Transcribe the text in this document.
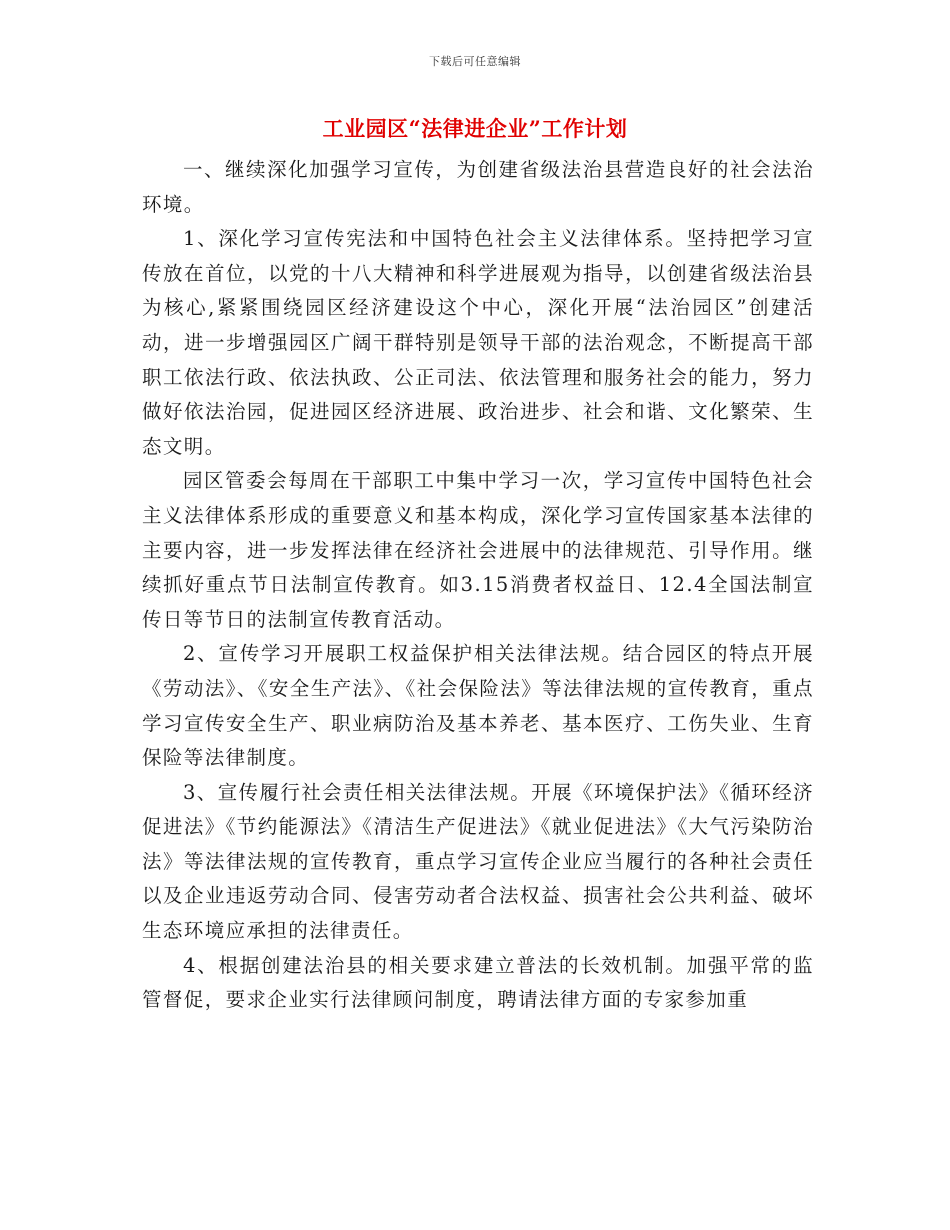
下载后可任意编辑
工业园区“法律进企业”工作计划

一、继续深化加强学习宣传，为创建省级法治县营造良好的社会法治环境。

1、深化学习宣传宪法和中国特色社会主义法律体系。坚持把学习宣传放在首位，以党的十八大精神和科学进展观为指导，以创建省级法治县为核心,紧紧围绕园区经济建设这个中心，深化开展“法治园区”创建活动，进一步增强园区广阔干群特别是领导干部的法治观念，不断提高干部职工依法行政、依法执政、公正司法、依法管理和服务社会的能力，努力做好依法治园，促进园区经济进展、政治进步、社会和谐、文化繁荣、生态文明。

园区管委会每周在干部职工中集中学习一次，学习宣传中国特色社会主义法律体系形成的重要意义和基本构成，深化学习宣传国家基本法律的主要内容，进一步发挥法律在经济社会进展中的法律规范、引导作用。继续抓好重点节日法制宣传教育。如3.15消费者权益日、12.4全国法制宣传日等节日的法制宣传教育活动。

2、宣传学习开展职工权益保护相关法律法规。结合园区的特点开展《劳动法》、《安全生产法》、《社会保险法》等法律法规的宣传教育，重点学习宣传安全生产、职业病防治及基本养老、基本医疗、工伤失业、生育保险等法律制度。

3、宣传履行社会责任相关法律法规。开展《环境保护法》《循环经济促进法》《节约能源法》《清洁生产促进法》《就业促进法》《大气污染防治法》等法律法规的宣传教育，重点学习宣传企业应当履行的各种社会责任以及企业违返劳动合同、侵害劳动者合法权益、损害社会公共利益、破坏生态环境应承担的法律责任。

4、根据创建法治县的相关要求建立普法的长效机制。加强平常的监管督促，要求企业实行法律顾问制度，聘请法律方面的专家参加重
